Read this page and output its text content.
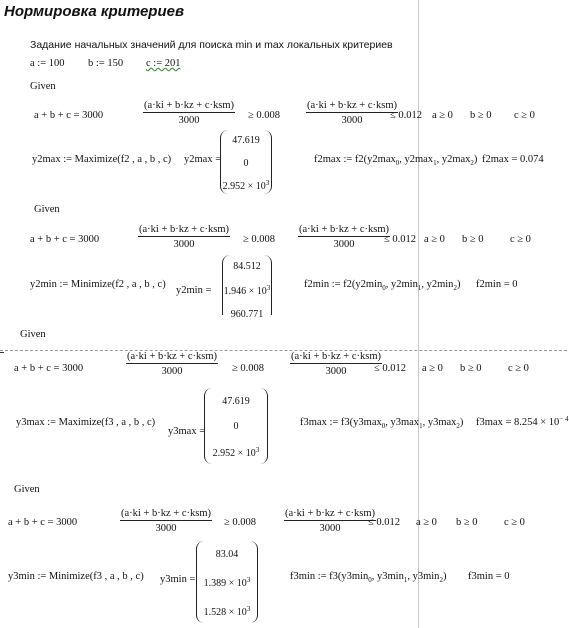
Нормировка критериев
Задание начальных значений для поиска min и max локальных критериев
a := 100 b := 150 c := 201
Given
a + b + c = 3000
(a·ki + b·kz + c·ksm)
3000	≥ 0.008
(a·ki + b·kz + c·ksm)
3000	≤ 0.012 a ≥ 0 b ≥ 0 c ≥ 0
y2max := Maximize(f2 , a , b , c) y2max =
47.619
0
$2.952 \times 10^3$
f2max := $f2(y2\max_0$, $y2\max_1$, $y2\max_2$) f2max = 0.074
Given
a + b + c = 3000
(a·ki + b·kz + c·ksm)
3000	≥ 0.008
(a·ki + b·kz + c·ksm)
3000	≤ 0.012 a ≥ 0 b ≥ 0	c ≥ 0
y2min := Minimize(f2 , a , b , c)
y2min =
84.512
$1.946 \times 10^3$
960.771
f2min := $f2(y2\min_0$, $y2\min_1$, $y2\min_2$) f2min = 0
Given
a + b + c = 3000
(a·ki + b·kz + c·ksm)
3000	≥ 0.008
(a·ki + b·kz + c·ksm)
3000	≤ 0.012 a ≥ 0 b ≥ 0	c ≥ 0
y3max := Maximize(f3 , a , b , c)
y3max =
47.619
0
$2.952 \times 10^3$
f3max := $f3(y3\max_0$, $y3\max_1$, $y3\max_2$) $f3\max = 8.254 \times 10^{- 4}$
Given
a + b + c = 3000
(a·ki + b·kz + c·ksm)
3000
≥ 0.008
(a·ki + b·kz + c·ksm)
3000
≤ 0.012 a ≥ 0 b ≥ 0	c ≥ 0
y3min := Minimize(f3 , a , b , c) y3min =
83.04
$1.389 \times 10^3$
$1.528 \times 10^3$
f3min := $f3(y3\min_0$, $y3\min_1$, $y3\min_2$) f3min = 0
